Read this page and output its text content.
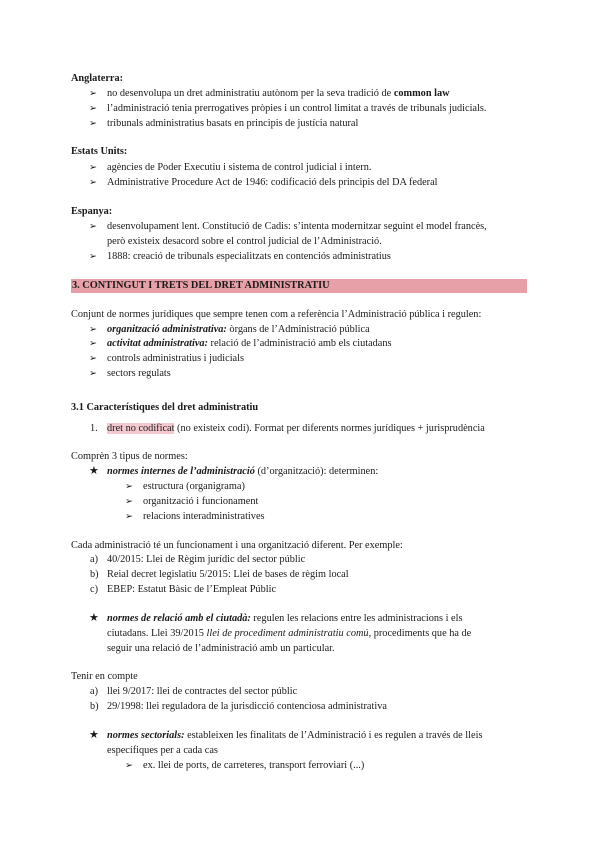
Anglaterra:
➢ no desenvolupa un dret administratiu autònom per la seva tradició de common law
➢ l’administració tenia prerrogatives pròpies i un control limitat a través de tribunals judicials.
➢ tribunals administratius basats en principis de justícia natural
Estats Units:
➢ agències de Poder Executiu i sistema de control judicial i intern.
➢ Administrative Procedure Act de 1946: codificació dels principis del DA federal
Espanya:
➢ desenvolupament lent. Constitució de Cadis: s’intenta modernitzar seguint el model francès,
però existeix desacord sobre el control judicial de l’Administració.
➢ 1888: creació de tribunals especialitzats en contenciós administratius
3. CONTINGUT I TRETS DEL DRET ADMINISTRATIU
Conjunt de normes jurídiques que sempre tenen com a referència l’Administració pública i regulen:
➢ organització administrativa: òrgans de l’Administració pública
➢ activitat administrativa: relació de l’administració amb els ciutadans
➢ controls administratius i judicials
➢ sectors regulats
3.1 Característiques del dret administratiu
1. dret no codificat (no existeix codi). Format per diferents normes jurídiques + jurisprudència
Comprèn 3 tipus de normes:
★ normes internes de l’administració (d’organització): determinen:
➢ estructura (organigrama)
➢ organització i funcionament
➢ relacions interadministratives
Cada administració té un funcionament i una organització diferent. Per exemple:
a) 40/2015: Llei de Règim jurídic del sector públic
b) Reial decret legislatiu 5/2015: Llei de bases de règim local
c) EBEP: Estatut Bàsic de l’Empleat Públic
★ normes de relació amb el ciutadà: regulen les relacions entre les administracions i els
ciutadans. Llei 39/2015 llei de procediment administratiu comú, procediments que ha de
seguir una relació de l’administració amb un particular.
Tenir en compte
a) llei 9/2017: llei de contractes del sector públic
b) 29/1998: llei reguladora de la jurisdicció contenciosa administrativa
★ normes sectorials: estableixen les finalitats de l’Administració i es regulen a través de lleis
específiques per a cada cas
➢ ex. llei de ports, de carreteres, transport ferroviari (...)
